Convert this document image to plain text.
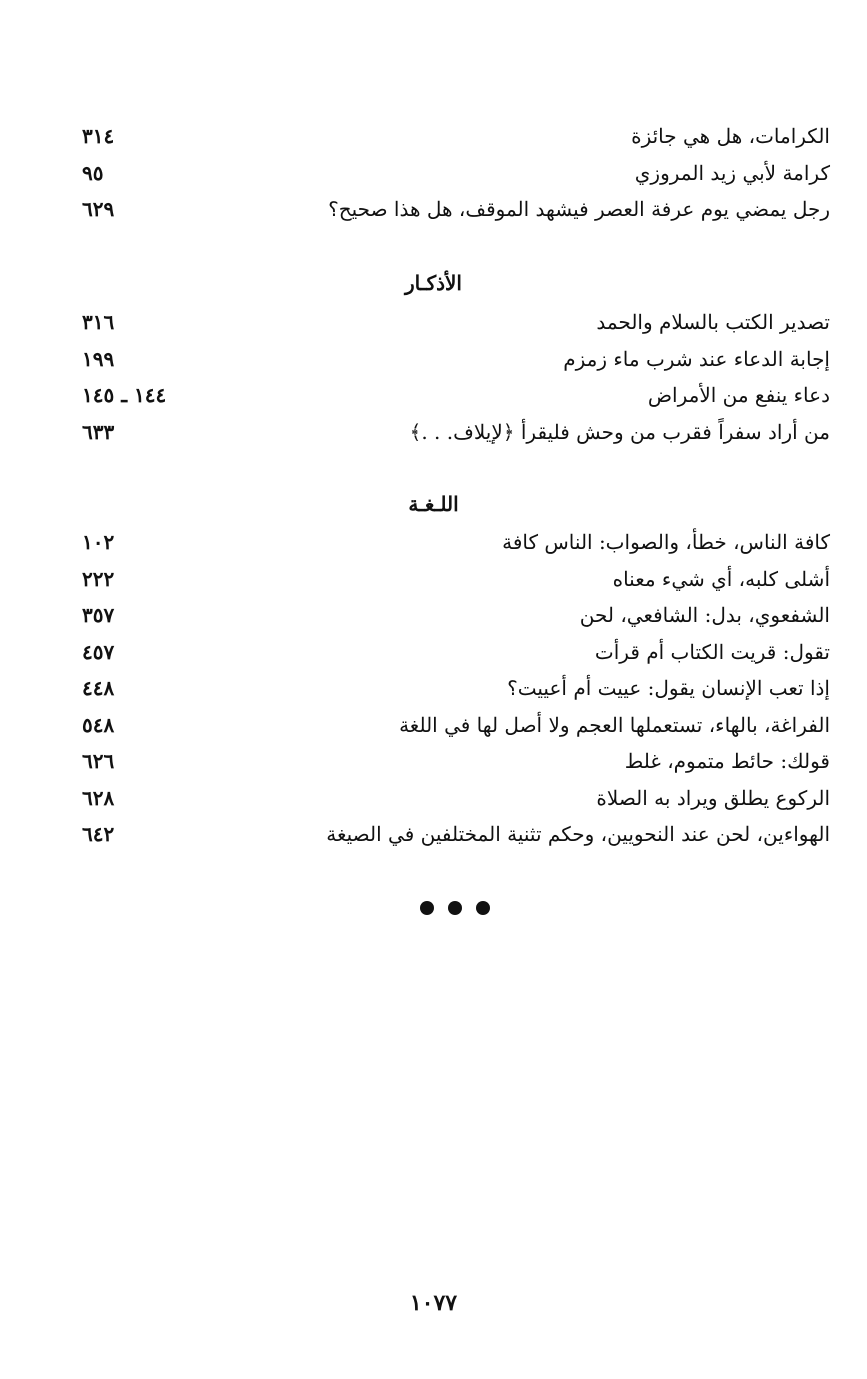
الكرامات، هل هي جائزة
٣١٤
كرامة لأبي زيد المروزي
٩٥
رجل يمضي يوم عرفة العصر فيشهد الموقف، هل هذا صحيح؟
٦٢٩
الأذكـار
تصدير الكتب بالسلام والحمد
٣١٦
إجابة الدعاء عند شرب ماء زمزم
١٩٩
دعاء ينفع من الأمراض
١٤٤ ـ ١٤٥
من أراد سفراً فقرب من وحش فليقرأ ﴿لإيلاف. . .﴾
٦٣٣
اللـغـة
كافة الناس، خطأ، والصواب: الناس كافة
١٠٢
أشلى كلبه، أي شيء معناه
٢٢٢
الشفعوي، بدل: الشافعي، لحن
٣٥٧
تقول: قريت الكتاب أم قرأت
٤٥٧
إذا تعب الإنسان يقول: عييت أم أعييت؟
٤٤٨
الفراغة، بالهاء، تستعملها العجم ولا أصل لها في اللغة
٥٤٨
قولك: حائط متموم، غلط
٦٢٦
الركوع يطلق ويراد به الصلاة
٦٢٨
الهواءين، لحن عند النحويين، وحكم تثنية المختلفين في الصيغة
٦٤٢
١٠٧٧
